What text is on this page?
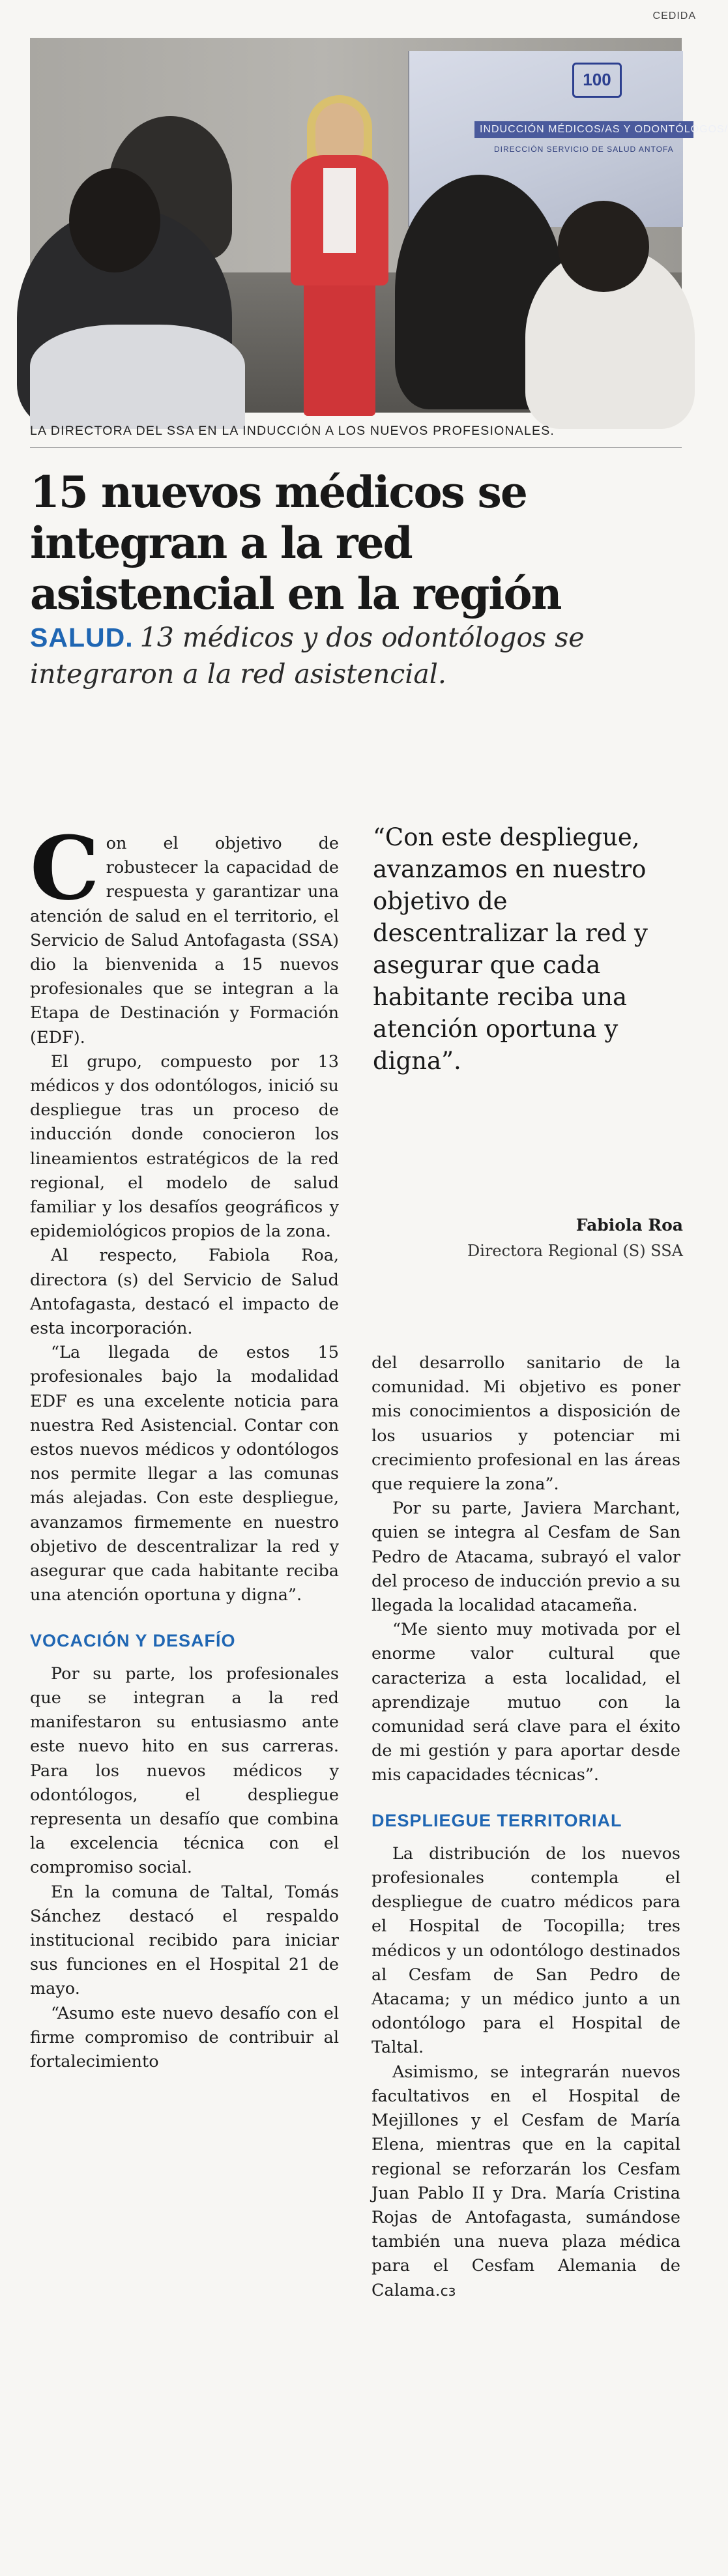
CEDIDA
100
INDUCCIÓN MÉDICOS/AS Y ODONTÓLOGOS/
DIRECCIÓN SERVICIO DE SALUD ANTOFA
LA DIRECTORA DEL SSA EN LA INDUCCIÓN A LOS NUEVOS PROFESIONALES.
15 nuevos médicos se
integran a la red
asistencial en la región
SALUD. 13 médicos y dos odontólogos se integraron a la red asistencial.
“Con este despliegue, avanzamos en nuestro objetivo de descentralizar la red y asegurar que cada habitante reciba una atención oportuna y digna”.
Fabiola Roa
Directora Regional (S) SSA

Con el objetivo de robustecer la capacidad de respuesta y garantizar una atención de salud en el territorio, el Servicio de Salud Antofagasta (SSA) dio la bienvenida a 15 nuevos profesionales que se integran a la Etapa de Destinación y Formación (EDF).

El grupo, compuesto por 13 médicos y dos odontólogos, inició su despliegue tras un proceso de inducción donde conocieron los lineamientos estratégicos de la red regional, el modelo de salud familiar y los desafíos geográficos y epidemiológicos propios de la zona.

Al respecto, Fabiola Roa, directora (s) del Servicio de Salud Antofagasta, destacó el impacto de esta incorporación.

“La llegada de estos 15 profesionales bajo la modalidad EDF es una excelente noticia para nuestra Red Asistencial. Contar con estos nuevos médicos y odontólogos nos permite llegar a las comunas más alejadas. Con este despliegue, avanzamos firmemente en nuestro objetivo de descentralizar la red y asegurar que cada habitante reciba una atención oportuna y digna”.

VOCACIÓN Y DESAFÍO

Por su parte, los profesionales que se integran a la red manifestaron su entusiasmo ante este nuevo hito en sus carreras. Para los nuevos médicos y odontólogos, el despliegue representa un desafío que combina la excelencia técnica con el compromiso social.

En la comuna de Taltal, Tomás Sánchez destacó el respaldo institucional recibido para iniciar sus funciones en el Hospital 21 de mayo.

“Asumo este nuevo desafío con el firme compromiso de contribuir al fortalecimiento

del desarrollo sanitario de la comunidad. Mi objetivo es poner mis conocimientos a disposición de los usuarios y potenciar mi crecimiento profesional en las áreas que requiere la zona”.

Por su parte, Javiera Marchant, quien se integra al Cesfam de San Pedro de Atacama, subrayó el valor del proceso de inducción previo a su llegada la localidad atacameña.

“Me siento muy motivada por el enorme valor cultural que caracteriza a esta localidad, el aprendizaje mutuo con la comunidad será clave para el éxito de mi gestión y para aportar desde mis capacidades técnicas”.

DESPLIEGUE TERRITORIAL

La distribución de los nuevos profesionales contempla el despliegue de cuatro médicos para el Hospital de Tocopilla; tres médicos y un odontólogo destinados al Cesfam de San Pedro de Atacama; y un médico junto a un odontólogo para el Hospital de Taltal.

Asimismo, se integrarán nuevos facultativos en el Hospital de Mejillones y el Cesfam de María Elena, mientras que en la capital regional se reforzarán los Cesfam Juan Pablo II y Dra. María Cristina Rojas de Antofagasta, sumándose también una nueva plaza médica para el Cesfam Alemania de Calama.ᴄɜ
